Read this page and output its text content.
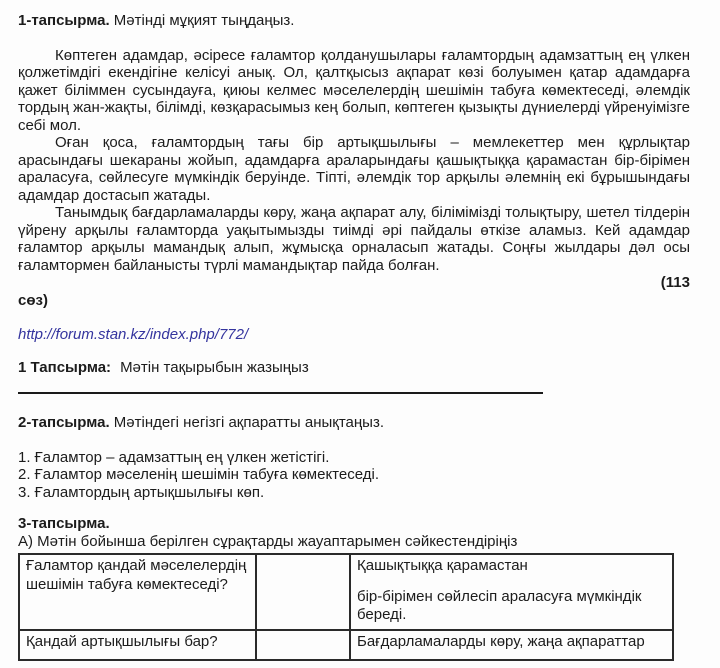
1-тапсырма. Мәтінді мұқият тыңдаңыз.

Көптеген адамдар, әсіресе ғаламтор қолданушылары ғаламтордың адамзаттың ең үлкен қолжетімдігі екендігіне келісуі анық. Ол, қалтқысыз ақпарат көзі болуымен қатар адамдарға қажет біліммен сусындауға, қиюы келмес мәселелердің шешімін табуға көмектеседі, әлемдік тордың жан-жақты, білімді, көзқарасымыз кең болып, көптеген қызықты дүниелерді үйренуімізге себі мол.

Оған қоса, ғаламтордың тағы бір артықшылығы – мемлекеттер мен құрлықтар арасындағы шекараны жойып, адамдарға араларындағы қашықтыққа қарамастан бір-бірімен араласуға, сөйлесуге мүмкіндік беруінде. Тіпті, әлемдік тор арқылы әлемнің екі бұрышындағы адамдар достасып жатады.

Танымдық бағдарламаларды көру, жаңа ақпарат алу, білімімізді толықтыру, шетел тілдерін үйрену арқылы ғаламторда уақытымызды тиімді әрі пайдалы өткізе аламыз. Кей адамдар ғаламтор арқылы мамандық алып, жұмысқа орналасып жатады. Соңғы жылдары дәл осы ғаламтормен байланысты түрлі мамандықтар пайда болған.

(113
сөз)

http://forum.stan.kz/index.php/772/

1 Тапсырма: Мәтін тақырыбын жазыңыз

2-тапсырма. Мәтіндегі негізгі ақпаратты анықтаңыз.

1. Ғаламтор – адамзаттың ең үлкен жетістігі.

2. Ғаламтор мәселенің шешімін табуға көмектеседі.

3. Ғаламтордың артықшылығы көп.

3-тапсырма.

А) Мәтін бойынша берілген сұрақтарды жауаптарымен сәйкестендіріңіз

Ғаламтор қандай мәселелердің шешімін табуға көмектеседі?		Қашықтыққа қарамастан
бір-бірімен сөйлесіп араласуға мүмкіндік береді.

Қандай артықшылығы бар?		Бағдарламаларды көру, жаңа ақпараттар
